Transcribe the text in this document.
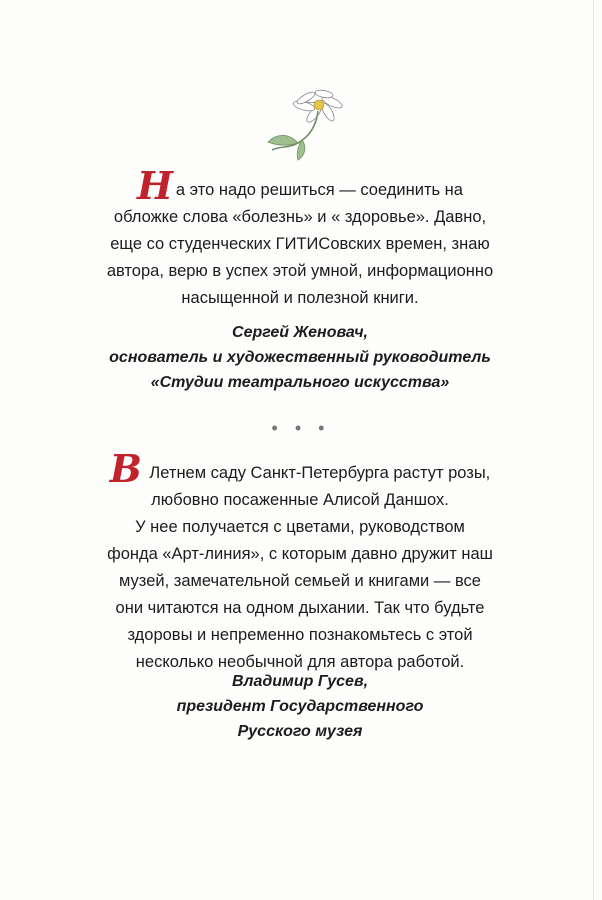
На это надо решиться — соединить на

обложке слова «болезнь» и « здоровье». Давно,

еще со студенческих ГИТИСовских времен, знаю

автора, верю в успех этой умной, информационно

насыщенной и полезной книги.

Сергей Женовач,

основатель и художественный руководитель

«Студии театрального искусства»

• • •

В Летнем саду Санкт-Петербурга растут розы,

любовно посаженные Алисой Даншох.

У нее получается с цветами, руководством

фонда «Арт-линия», с которым давно дружит наш

музей, замечательной семьей и книгами — все

они читаются на одном дыхании. Так что будьте

здоровы и непременно познакомьтесь с этой

несколько необычной для автора работой.

Владимир Гусев,

президент Государственного

Русского музея
